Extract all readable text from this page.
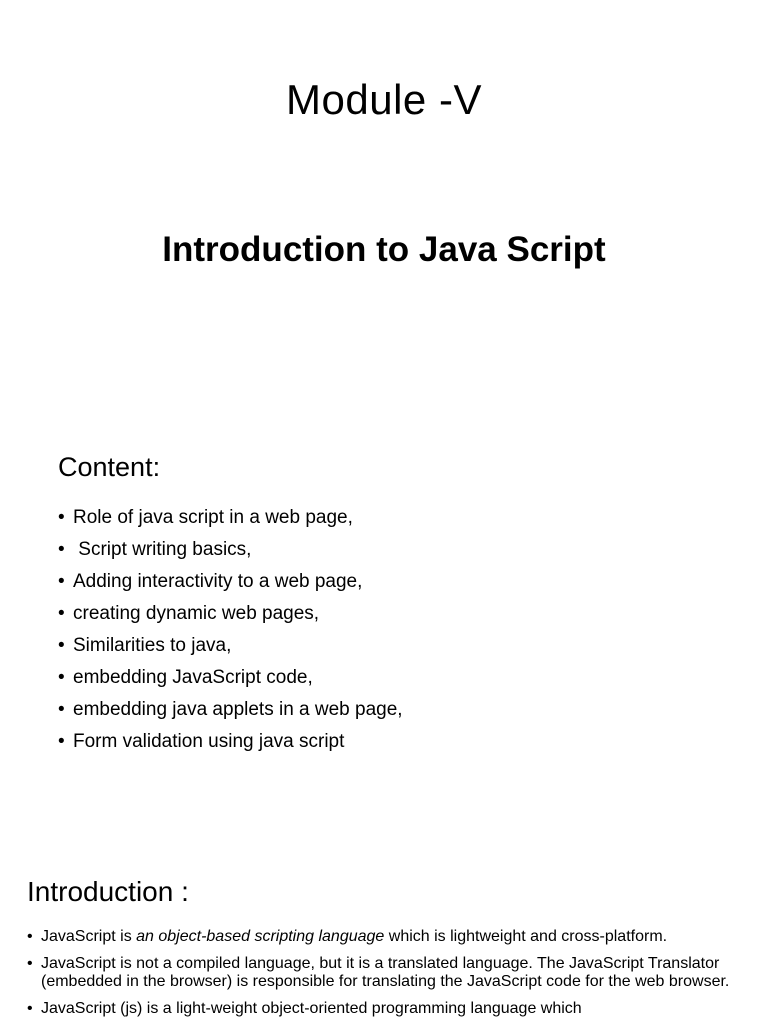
Module -V
Introduction to Java Script
Content:
• Role of java script in a web page,
• Script writing basics,
• Adding interactivity to a web page,
• creating dynamic web pages,
• Similarities to java,
• embedding JavaScript code,
• embedding java applets in a web page,
• Form validation using java script
Introduction :
• JavaScript is an object-based scripting language which is lightweight and cross-platform.
• JavaScript is not a compiled language, but it is a translated language. The JavaScript Translator (embedded in the browser) is responsible for translating the JavaScript code for the web browser.
• JavaScript (js) is a light-weight object-oriented programming language which
